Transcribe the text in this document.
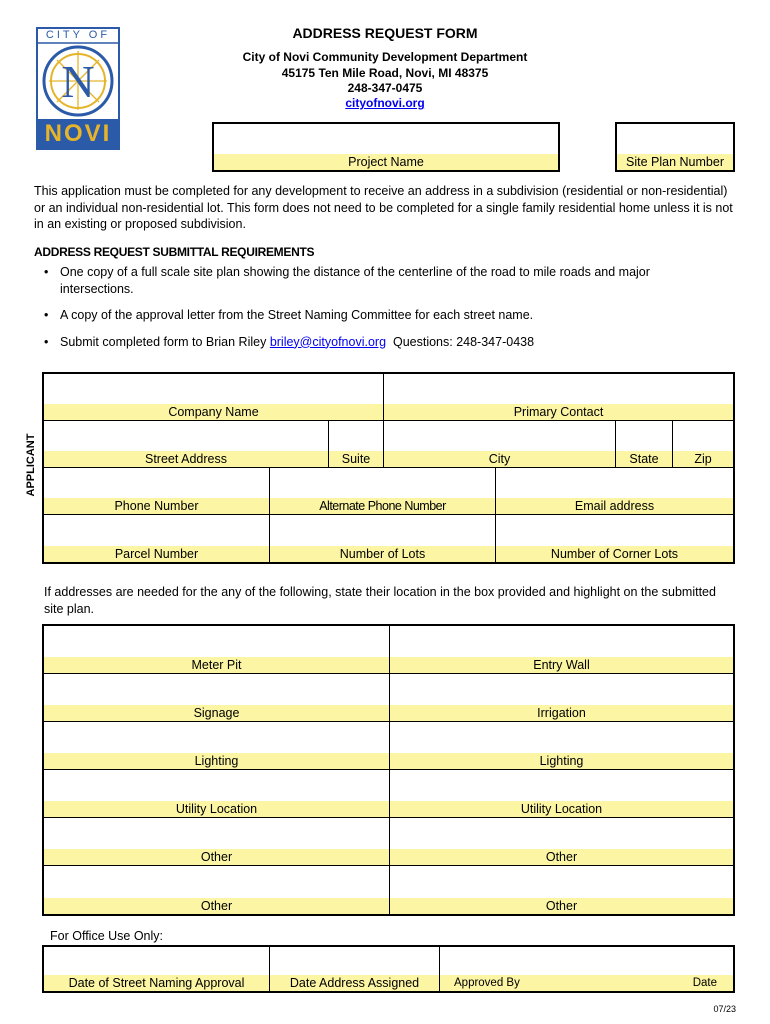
CITY OF
N
NOVI
ADDRESS REQUEST FORM
City of Novi Community Development Department
45175 Ten Mile Road, Novi, MI 48375
248-347-0475
cityofnovi.org
Project Name	Site Plan Number
This application must be completed for any development to receive an address in a subdivision (residential or non-residential) or an individual non-residential lot. This form does not need to be completed for a single family residential home unless it is not in an existing or proposed subdivision.
ADDRESS REQUEST SUBMITTAL REQUIREMENTS
• One copy of a full scale site plan showing the distance of the centerline of the road to mile roads and major intersections.
• A copy of the approval letter from the Street Naming Committee for each street name.
• Submit completed form to Brian Riley briley@cityofnovi.org  Questions: 248-347-0438
APPLICANT
Company Name	Primary Contact
Street Address	Suite	City	State	Zip
Phone Number	Alternate Phone Number	Email address
Parcel Number	Number of Lots	Number of Corner Lots
If addresses are needed for the any of the following, state their location in the box provided and highlight on the submitted site plan.
Meter Pit	Entry Wall
Signage	Irrigation
Lighting	Lighting
Utility Location	Utility Location
Other	Other
Other	Other
For Office Use Only:
Date of Street Naming Approval	Date Address Assigned	Approved By	Date
07/23
